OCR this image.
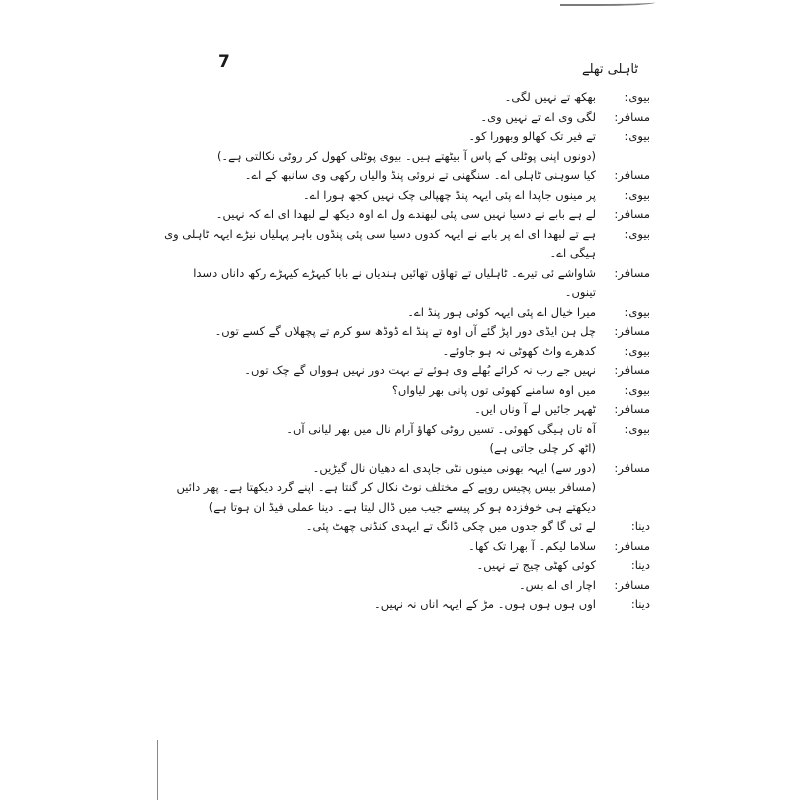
7	ٹاہلی تھلے
بیوی:
بھکھ تے نہیں لگی۔
مسافر:
لگی وی اے تے نہیں وی۔
بیوی:
تے فیر تک کھالو وبھورا کو۔
(دونوں اپنی پوٹلی کے پاس آ بیٹھتے ہیں۔ بیوی پوٹلی کھول کر روٹی نکالتی ہے۔)
مسافر:
کیا سوہنی ٹاہلی اے۔ سنگھنی تے نروئی پنڈ والیاں رکھی وی سانبھ کے اے۔
بیوی:
پر مینوں جاپدا اے پئی ایہہ پنڈ چھپالی چک نہیں کجھ ہورا اے۔
مسافر:
لے ہے بابے نے دسیا نہیں سی پئی لبھندے ول اے اوہ دیکھ لے لبھدا ای اے کہ نہیں۔
بیوی:
ہے تے لبھدا ای اے پر بابے نے ایہہ کدوں دسیا سی پئی پنڈوں باہر پہلیاں نیڑے ایہہ ٹاہلی وی ہیگی اے۔
مسافر:
شاواشے ئی تیرے۔ ٹاہلیاں تے تھاؤں تھائیں ہندیاں نے بابا کیہڑے کیہڑے رکھ داناں دسدا تینوں۔
بیوی:
میرا خیال اے پئی ایہہ کوئی ہور پنڈ اے۔
مسافر:
چل ہن ایڈی دور اپڑ گئے آں اوہ تے پنڈ اے ڈوڈھ سو کرم تے پچھلاں گے کسے توں۔
بیوی:
کدھرے واٹ کھوٹی نہ ہو جاوئے۔
مسافر:
نہیں جے رب نہ کرائے بُھلے وی ہوئے تے بہت دور نہیں ہوواں گے چک توں۔
بیوی:
میں اوہ سامنے کھوئی توں پانی بھر لیاواں؟
مسافر:
ٹھہر جائیں لے آ وناں ایں۔
بیوی:
آہ تاں ہیگی کھوئی۔ تسیں روٹی کھاؤ آرام نال میں بھر لیانی آں۔
(اٹھ کر چلی جاتی ہے)
مسافر:
(دور سے) ایہہ بھونی مینوں نٹی جاپدی اے دھیان نال گیڑیں۔
(مسافر بیس پچیس روپے کے مختلف نوٹ نکال کر گنتا ہے۔ اپنے گرد دیکھتا ہے۔ پھر دائیں دیکھتے ہی خوفزدہ ہو کر پیسے جیب میں ڈال لیتا ہے۔ دینا عملی فیڈ ان ہوتا ہے)
دینا:
لے ئی گا گو جدوں میں چکی ڈانگ تے ایہدی کنڈنی چھٹ پئی۔
مسافر:
سلاما لیکم۔ آ بھرا تک کھا۔
دینا:
کوئی کھٹی چیج تے نہیں۔
مسافر:
اچار ای اے بس۔
دینا:
اوں ہوں ہوں ہوں۔ مڑ کے ایہہ اناں نہ نہیں۔
